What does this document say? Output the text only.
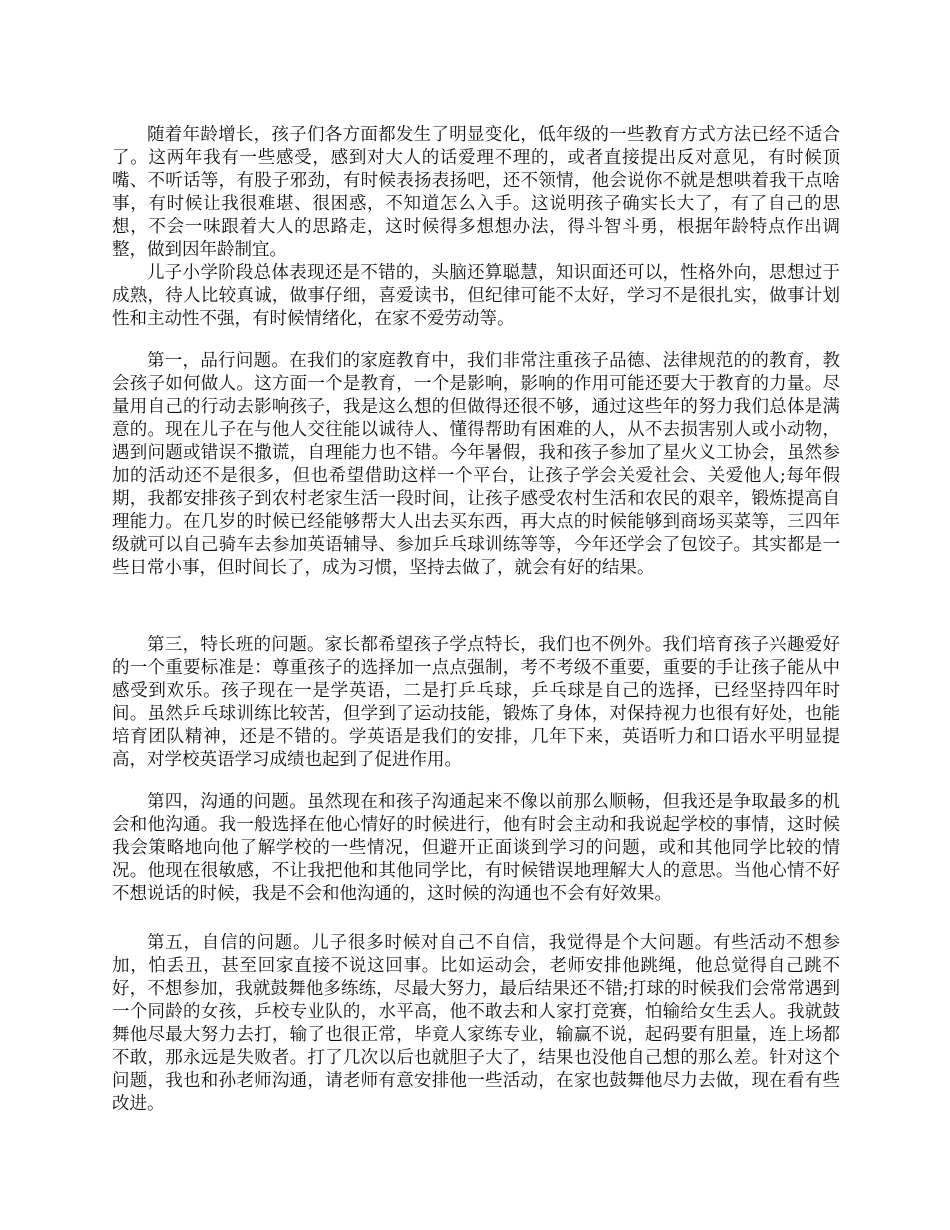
随着年龄增长，孩子们各方面都发生了明显变化，低年级的一些教育方式方法已经不适合了。这两年我有一些感受，感到对大人的话爱理不理的，或者直接提出反对意见，有时候顶嘴、不听话等，有股子邪劲，有时候表扬表扬吧，还不领情，他会说你不就是想哄着我干点啥事，有时候让我很难堪、很困惑，不知道怎么入手。这说明孩子确实长大了，有了自己的思想，不会一味跟着大人的思路走，这时候得多想想办法，得斗智斗勇，根据年龄特点作出调整，做到因年龄制宜。

儿子小学阶段总体表现还是不错的，头脑还算聪慧，知识面还可以，性格外向，思想过于成熟，待人比较真诚，做事仔细，喜爱读书，但纪律可能不太好，学习不是很扎实，做事计划性和主动性不强，有时候情绪化，在家不爱劳动等。

第一，品行问题。在我们的家庭教育中，我们非常注重孩子品德、法律规范的的教育，教会孩子如何做人。这方面一个是教育，一个是影响，影响的作用可能还要大于教育的力量。尽量用自己的行动去影响孩子，我是这么想的但做得还很不够，通过这些年的努力我们总体是满意的。现在儿子在与他人交往能以诚待人、懂得帮助有困难的人，从不去损害别人或小动物，遇到问题或错误不撒谎，自理能力也不错。今年暑假，我和孩子参加了星火义工协会，虽然参加的活动还不是很多，但也希望借助这样一个平台，让孩子学会关爱社会、关爱他人;每年假期，我都安排孩子到农村老家生活一段时间，让孩子感受农村生活和农民的艰辛，锻炼提高自理能力。在几岁的时候已经能够帮大人出去买东西，再大点的时候能够到商场买菜等，三四年级就可以自己骑车去参加英语辅导、参加乒乓球训练等等，今年还学会了包饺子。其实都是一些日常小事，但时间长了，成为习惯，坚持去做了，就会有好的结果。

第三，特长班的问题。家长都希望孩子学点特长，我们也不例外。我们培育孩子兴趣爱好的一个重要标准是：尊重孩子的选择加一点点强制，考不考级不重要，重要的手让孩子能从中感受到欢乐。孩子现在一是学英语，二是打乒乓球，乒乓球是自己的选择，已经坚持四年时间。虽然乒乓球训练比较苦，但学到了运动技能，锻炼了身体，对保持视力也很有好处，也能培育团队精神，还是不错的。学英语是我们的安排，几年下来，英语听力和口语水平明显提高，对学校英语学习成绩也起到了促进作用。

第四，沟通的问题。虽然现在和孩子沟通起来不像以前那么顺畅，但我还是争取最多的机会和他沟通。我一般选择在他心情好的时候进行，他有时会主动和我说起学校的事情，这时候我会策略地向他了解学校的一些情况，但避开正面谈到学习的问题，或和其他同学比较的情况。他现在很敏感，不让我把他和其他同学比，有时候错误地理解大人的意思。当他心情不好不想说话的时候，我是不会和他沟通的，这时候的沟通也不会有好效果。

第五，自信的问题。儿子很多时候对自己不自信，我觉得是个大问题。有些活动不想参加，怕丢丑，甚至回家直接不说这回事。比如运动会，老师安排他跳绳，他总觉得自己跳不好，不想参加，我就鼓舞他多练练，尽最大努力，最后结果还不错;打球的时候我们会常常遇到一个同龄的女孩，乒校专业队的，水平高，他不敢去和人家打竞赛，怕输给女生丢人。我就鼓舞他尽最大努力去打，输了也很正常，毕竟人家练专业，输赢不说，起码要有胆量，连上场都不敢，那永远是失败者。打了几次以后也就胆子大了，结果也没他自己想的那么差。针对这个问题，我也和孙老师沟通，请老师有意安排他一些活动，在家也鼓舞他尽力去做，现在看有些改进。
